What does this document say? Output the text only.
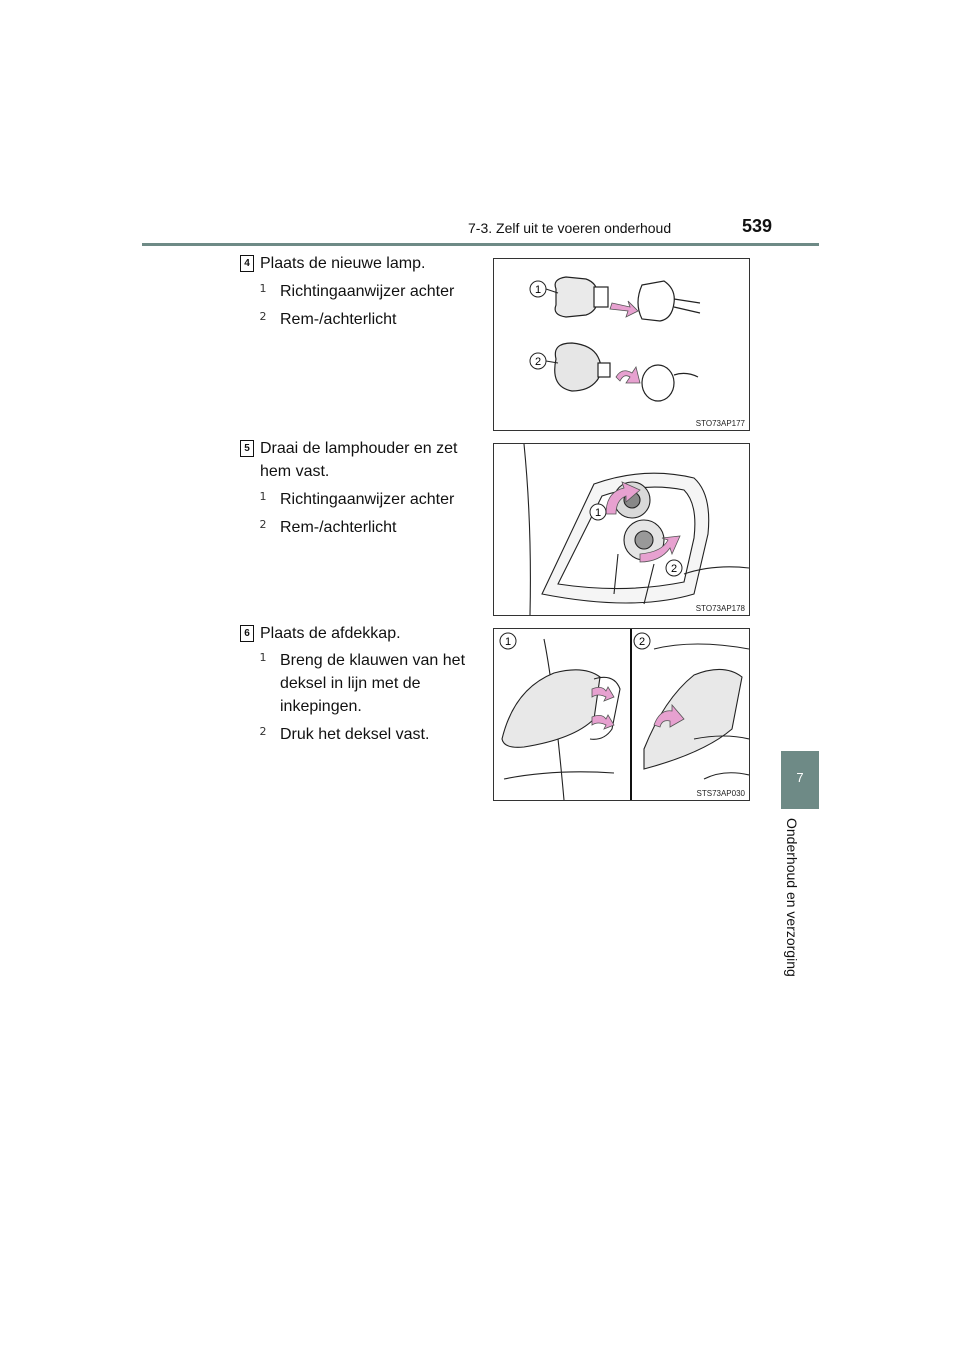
7-3. Zelf uit te voeren onderhoud	539
7
Onderhoud en verzorging
4 Plaats de nieuwe lamp.
1 Richtingaanwijzer achter
2 Rem-/achterlicht
1
2
STO73AP177
5 Draai de lamphouder en zet
hem vast.
1 Richtingaanwijzer achter
2 Rem-/achterlicht
1
2
STO73AP178
6 Plaats de afdekkap.
1 Breng de klauwen van het
deksel in lijn met de
inkepingen.
2 Druk het deksel vast.
1	2
STS73AP030
